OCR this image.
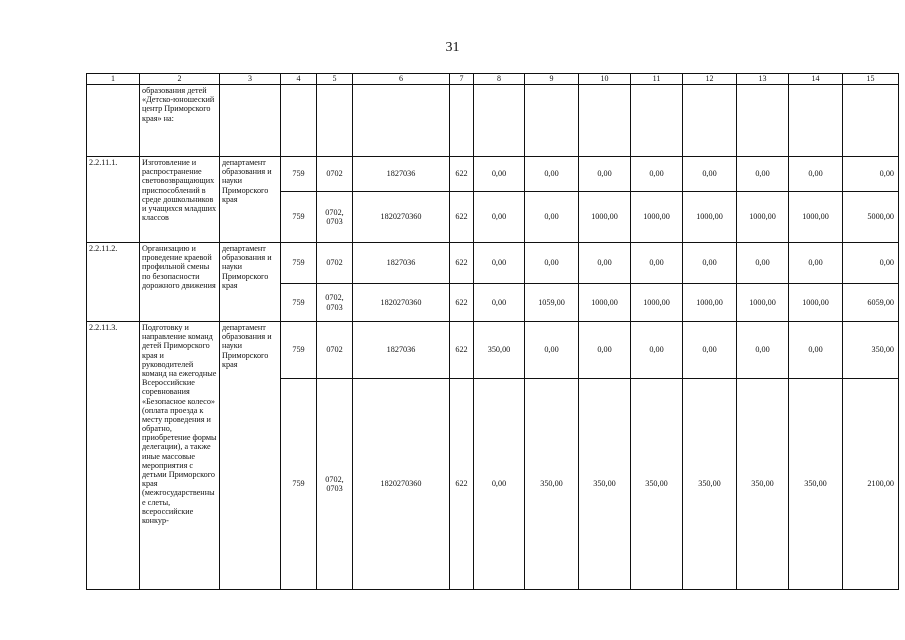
31
1	2	3	4	5	6	7	8	9	10	11	12	13	14	15
	образования детей «Детско-юношеский центр Приморского края» на:													
2.2.11.1.	Изготовление и распространение световозвращающих приспособлений в среде дошкольников и учащихся младших классов	департамент образования и науки Приморского края	759	0702	1827036	622	0,00	0,00	0,00	0,00	0,00	0,00	0,00	0,00
			759	0702, 0703	1820270360	622	0,00	0,00	1000,00	1000,00	1000,00	1000,00	1000,00	5000,00
2.2.11.2.	Организацию и проведение краевой профильной смены по безопасности дорожного движения	департамент образования и науки Приморского края	759	0702	1827036	622	0,00	0,00	0,00	0,00	0,00	0,00	0,00	0,00
			759	0702, 0703	1820270360	622	0,00	1059,00	1000,00	1000,00	1000,00	1000,00	1000,00	6059,00
2.2.11.3.	Подготовку и направление команд детей Приморского края и руководителей команд на ежегодные Всероссийские соревнования «Безопасное колесо» (оплата проезда к месту проведения и обратно, приобретение формы делегации), а также иные массовые мероприятия с детьми Приморского края (межгосударственные слеты, всероссийские конкур-	департамент образования и науки Приморского края	759	0702	1827036	622	350,00	0,00	0,00	0,00	0,00	0,00	0,00	350,00
			759	0702, 0703	1820270360	622	0,00	350,00	350,00	350,00	350,00	350,00	350,00	2100,00
